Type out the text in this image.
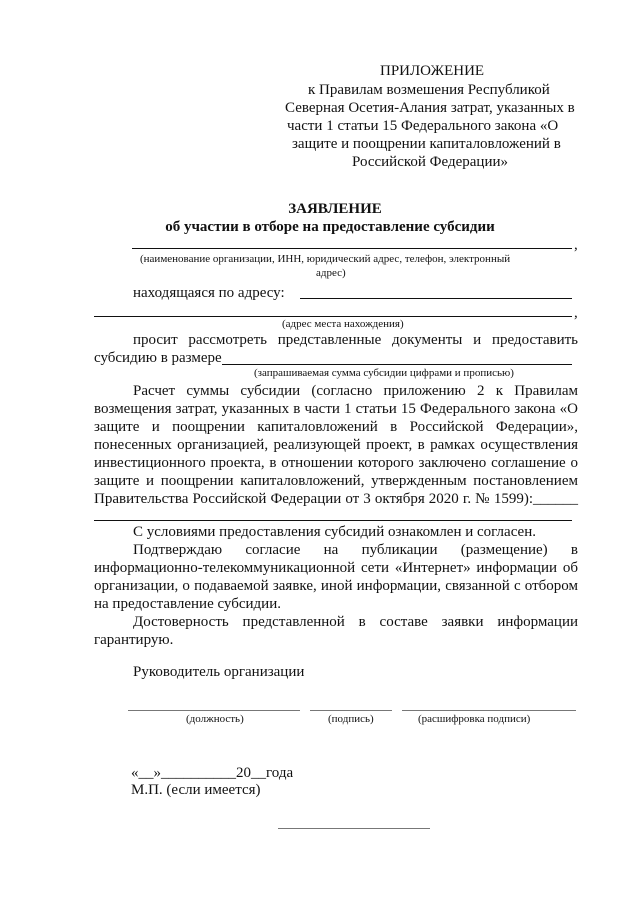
ПРИЛОЖЕНИЕ
к Правилам возмешения Республикой
Северная Осетия-Алания затрат, указанных в
части 1 статьи 15 Федерального закона «О
защите и поощрении капиталовложений в
Российской Федерации»
ЗАЯВЛЕНИЕ
об участии в отборе на предоставление субсидии
,
(наименование организации, ИНН, юридический адрес, телефон, электронный
адрес)
находящаяся по адресу:
,
(адрес места нахождения)
просит рассмотреть представленные документы и предоставить
субсидию в размере
(запрашиваемая сумма субсидии цифрами и прописью)
Расчет суммы субсидии (согласно приложению 2 к Правилам
возмещения затрат, указанных в части 1 статьи 15 Федерального закона «О
защите и поощрении капиталовложений в Российской Федерации»,
понесенных организацией, реализующей проект, в рамках осуществления
инвестиционного проекта, в отношении которого заключено соглашение о
защите и поощрении капиталовложений, утвержденным постановлением
Правительства Российской Федерации от 3 октября 2020 г. № 1599):______
С условиями предоставления субсидий ознакомлен и согласен.
Подтверждаю согласие на публикации (размещение) в
информационно-телекоммуникационной сети «Интернет» информации об
организации, о подаваемой заявке, иной информации, связанной с отбором
на предоставление субсидии.
Достоверность представленной в составе заявки информации
гарантирую.
Руководитель организации
(должность)	(подпись)	(расшифровка подписи)
«__»__________20__года
М.П. (если имеется)
